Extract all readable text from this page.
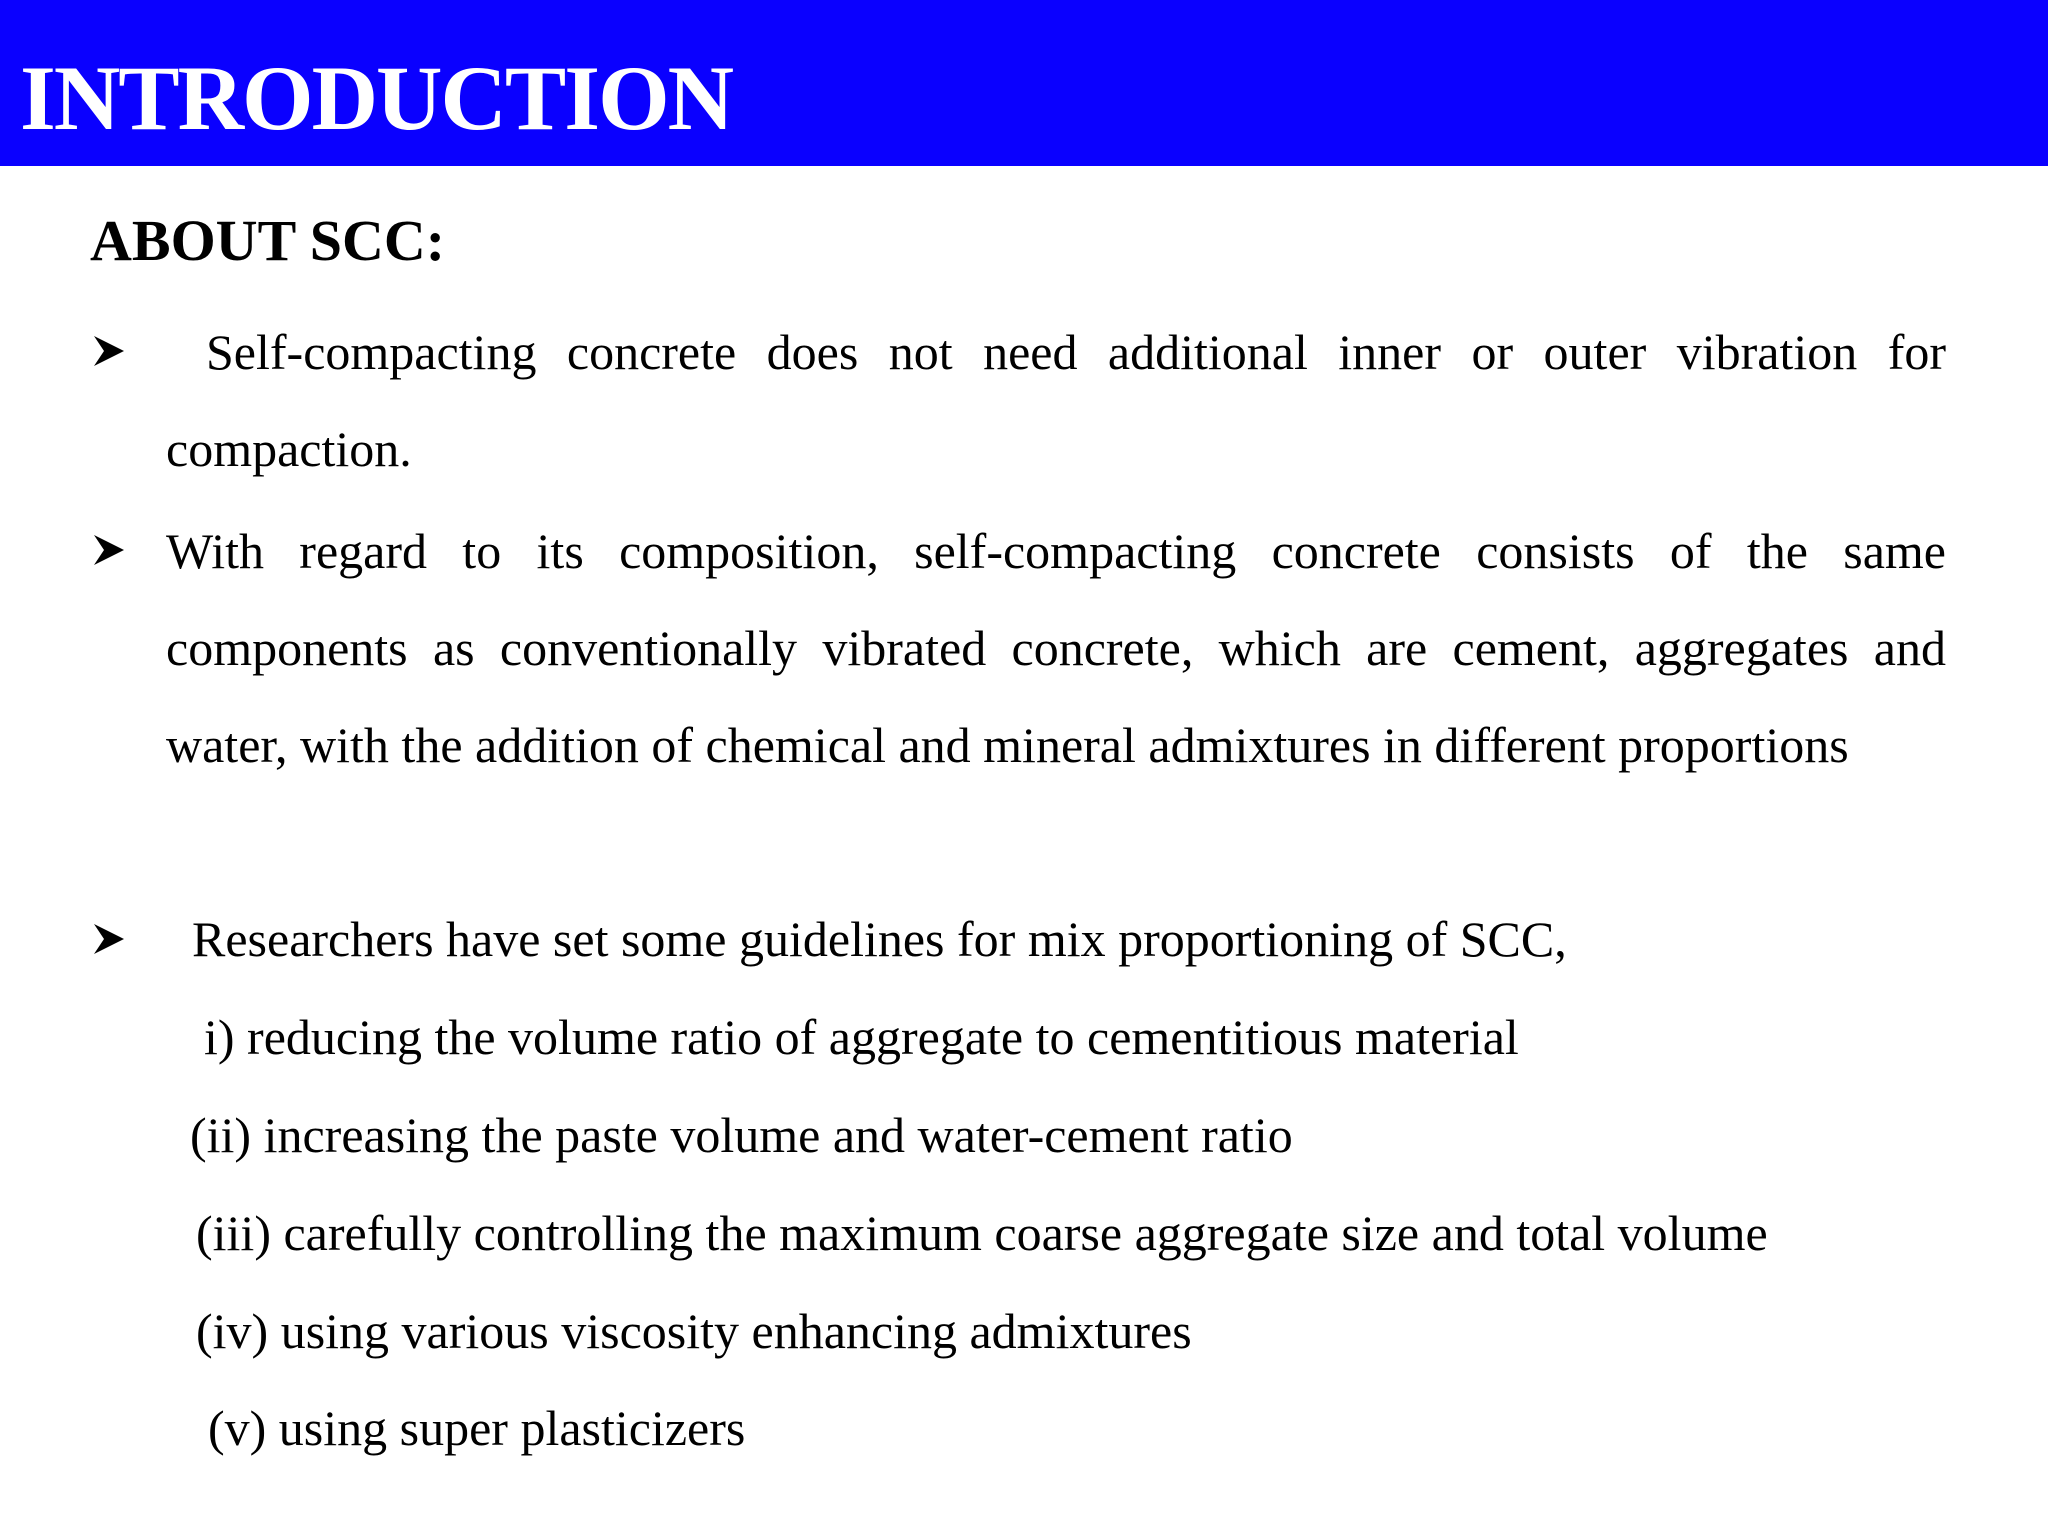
INTRODUCTION
ABOUT SCC:

Self-compacting concrete does not need additional inner or outer vibration for compaction.

With regard to its composition, self-compacting concrete consists of the same components as conventionally vibrated concrete, which are cement, aggregates and water, with the addition of chemical and mineral admixtures in different proportions

Researchers have set some guidelines for mix proportioning of SCC,

i) reducing the volume ratio of aggregate to cementitious material

(ii) increasing the paste volume and water-cement ratio

(iii) carefully controlling the maximum coarse aggregate size and total volume

(iv) using various viscosity enhancing admixtures

(v) using super plasticizers
